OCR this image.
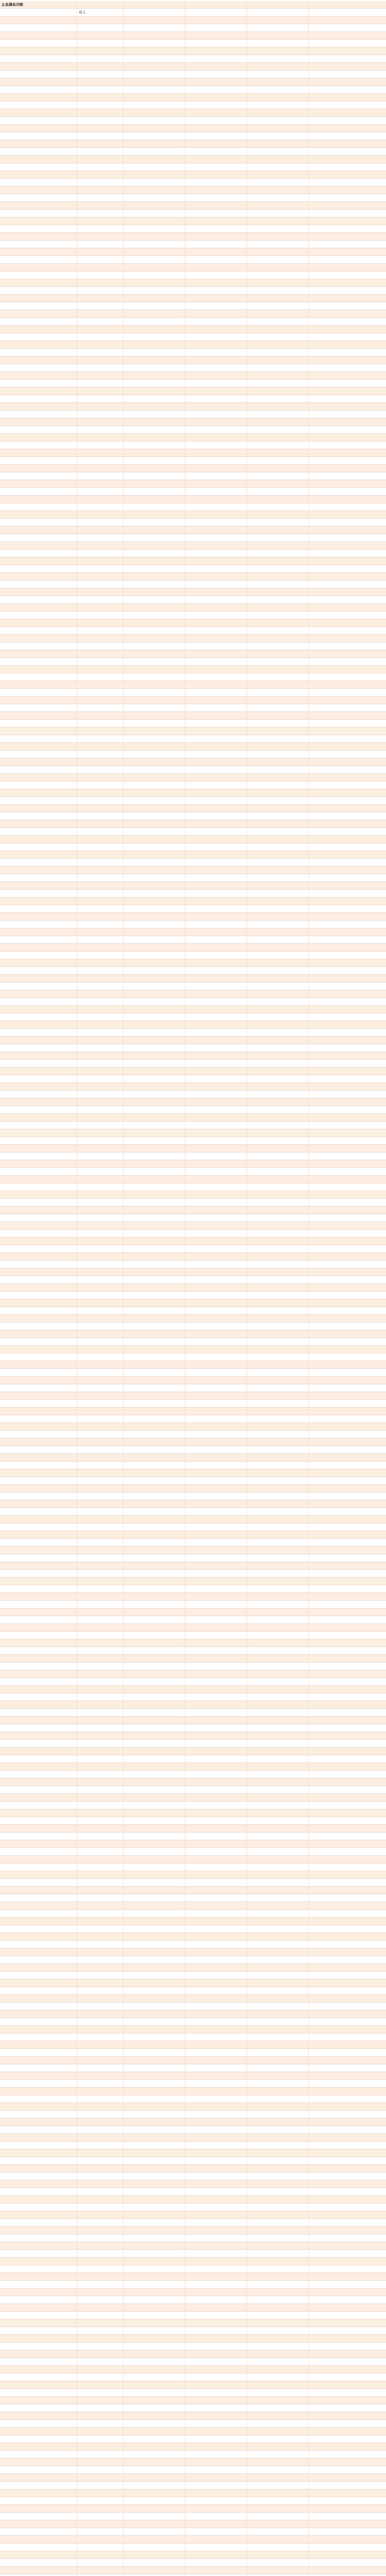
止血凝血功能
成人
